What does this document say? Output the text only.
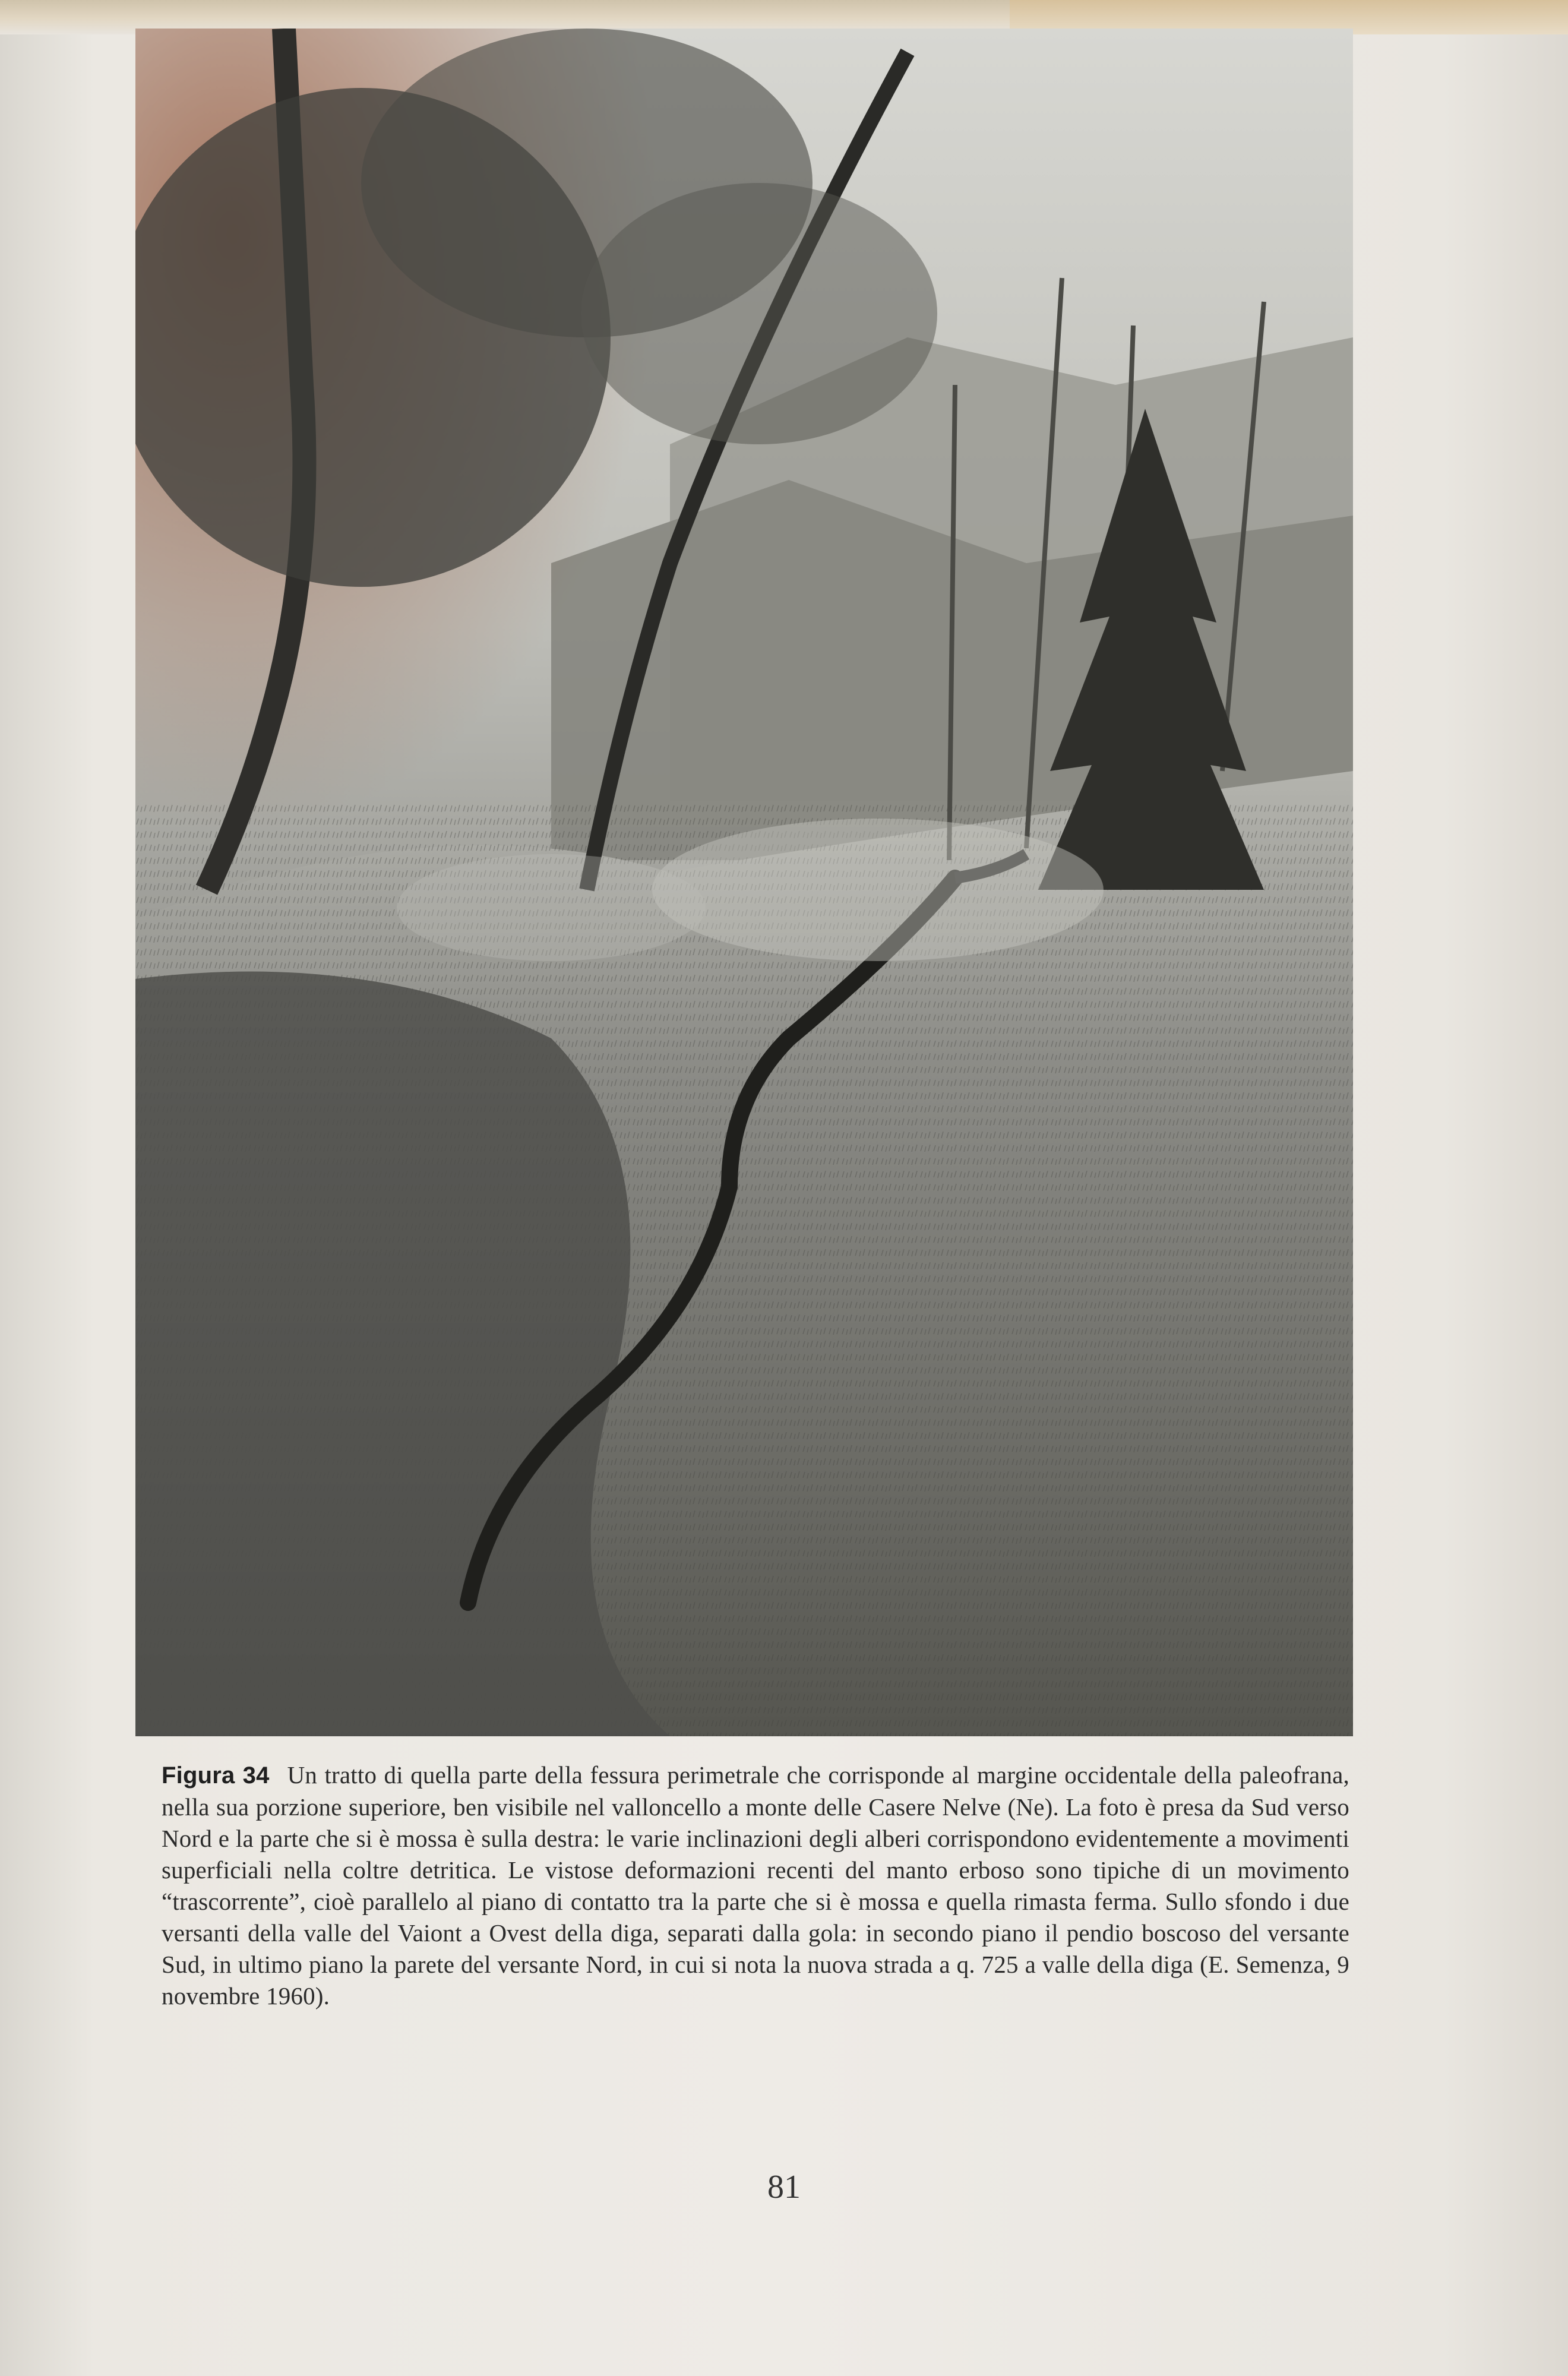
Figura 34 Un tratto di quella parte della fessura perimetrale che corrisponde al margine occidentale della paleofrana, nella sua porzione superiore, ben visibile nel valloncello a monte delle Casere Nelve (Ne). La foto è presa da Sud verso Nord e la parte che si è mossa è sulla destra: le varie inclinazioni degli alberi corrispondono evidentemente a movimenti superficiali nella coltre detritica. Le vistose deformazioni recenti del manto erboso sono tipiche di un movimento “trascorrente”, cioè parallelo al piano di contatto tra la parte che si è mossa e quella rimasta ferma. Sullo sfondo i due versanti della valle del Vaiont a Ovest della diga, separati dalla gola: in secondo piano il pendio boscoso del versante Sud, in ultimo piano la parete del versante Nord, in cui si nota la nuova strada a q. 725 a valle della diga (E. Semenza, 9 novembre 1960).
81
